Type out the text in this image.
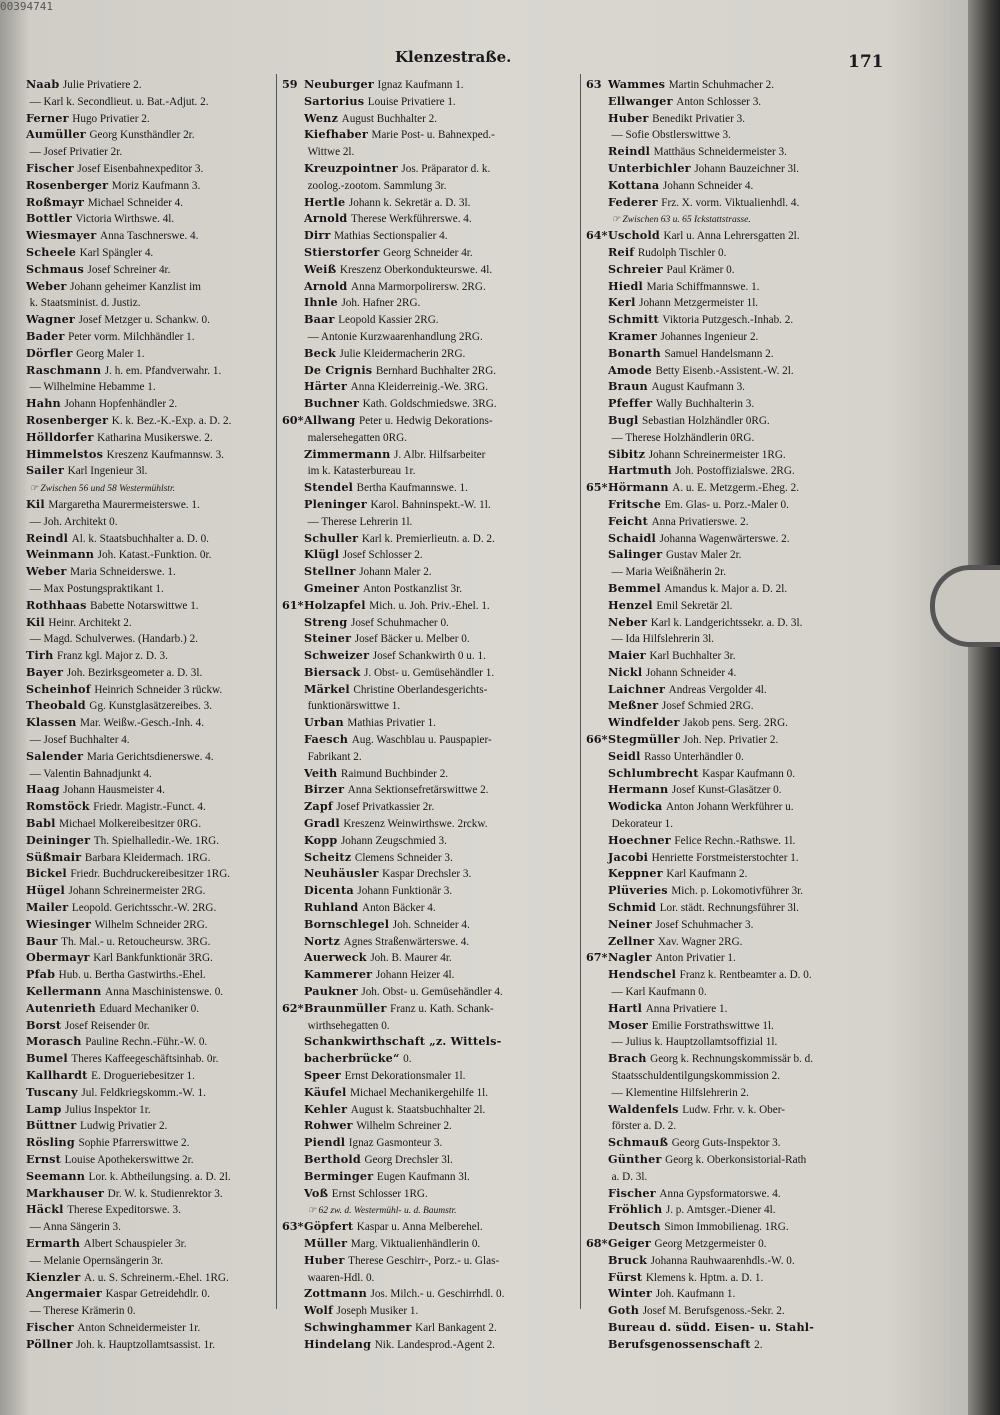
00394741
Klenzestraße.	171
Naab Julie Privatiere 2.
— Karl k. Secondlieut. u. Bat.-Adjut. 2.
Ferner Hugo Privatier 2.
Aumüller Georg Kunsthändler 2r.
— Josef Privatier 2r.
Fischer Josef Eisenbahnexpeditor 3.
Rosenberger Moriz Kaufmann 3.
Roßmayr Michael Schneider 4.
Bottler Victoria Wirthswe. 4l.
Wiesmayer Anna Taschnerswe. 4.
Scheele Karl Spängler 4.
Schmaus Josef Schreiner 4r.
Weber Johann geheimer Kanzlist im
k. Staatsminist. d. Justiz.
Wagner Josef Metzger u. Schankw. 0.
Bader Peter vorm. Milchhändler 1.
Dörfler Georg Maler 1.
Raschmann J. h. em. Pfandverwahr. 1.
— Wilhelmine Hebamme 1.
Hahn Johann Hopfenhändler 2.
Rosenberger K. k. Bez.-K.-Exp. a. D. 2.
Hölldorfer Katharina Musikerswe. 2.
Himmelstos Kreszenz Kaufmannsw. 3.
Sailer Karl Ingenieur 3l.
☞ Zwischen 56 und 58 Westermühlstr.
Kil Margaretha Maurermeisterswe. 1.
— Joh. Architekt 0.
Reindl Al. k. Staatsbuchhalter a. D. 0.
Weinmann Joh. Katast.-Funktion. 0r.
Weber Maria Schneiderswe. 1.
— Max Postungspraktikant 1.
Rothhaas Babette Notarswittwe 1.
Kil Heinr. Architekt 2.
— Magd. Schulverwes. (Handarb.) 2.
Tirh Franz kgl. Major z. D. 3.
Bayer Joh. Bezirksgeometer a. D. 3l.
Scheinhof Heinrich Schneider 3 rückw.
Theobald Gg. Kunstglasätzereibes. 3.
Klassen Mar. Weißw.-Gesch.-Inh. 4.
— Josef Buchhalter 4.
Salender Maria Gerichtsdienerswe. 4.
— Valentin Bahnadjunkt 4.
Haag Johann Hausmeister 4.
Romstöck Friedr. Magistr.-Funct. 4.
Babl Michael Molkereibesitzer 0RG.
Deininger Th. Spielhalledir.-We. 1RG.
Süßmair Barbara Kleidermach. 1RG.
Bickel Friedr. Buchdruckereibesitzer 1RG.
Hügel Johann Schreinermeister 2RG.
Mailer Leopold. Gerichtsschr.-W. 2RG.
Wiesinger Wilhelm Schneider 2RG.
Baur Th. Mal.- u. Retoucheursw. 3RG.
Obermayr Karl Bankfunktionär 3RG.
Pfab Hub. u. Bertha Gastwirths.-Ehel.
Kellermann Anna Maschinistenswe. 0.
Autenrieth Eduard Mechaniker 0.
Borst Josef Reisender 0r.
Morasch Pauline Rechn.-Führ.-W. 0.
Bumel Theres Kaffeegeschäftsinhab. 0r.
Kallhardt E. Drogueriebesitzer 1.
Tuscany Jul. Feldkriegskomm.-W. 1.
Lamp Julius Inspektor 1r.
Büttner Ludwig Privatier 2.
Rösling Sophie Pfarrerswittwe 2.
Ernst Louise Apothekerswittwe 2r.
Seemann Lor. k. Abtheilungsing. a. D. 2l.
Markhauser Dr. W. k. Studienrektor 3.
Häckl Therese Expeditorswe. 3.
— Anna Sängerin 3.
Ermarth Albert Schauspieler 3r.
— Melanie Opernsängerin 3r.
Kienzler A. u. S. Schreinerm.-Ehel. 1RG.
Angermaier Kaspar Getreidehdlr. 0.
— Therese Krämerin 0.
Fischer Anton Schneidermeister 1r.
Pöllner Joh. k. Hauptzollamtsassist. 1r.
59 Neuburger Ignaz Kaufmann 1.
Sartorius Louise Privatiere 1.
Wenz August Buchhalter 2.
Kiefhaber Marie Post- u. Bahnexped.-
Wittwe 2l.
Kreuzpointner Jos. Präparator d. k.
zoolog.-zootom. Sammlung 3r.
Hertle Johann k. Sekretär a. D. 3l.
Arnold Therese Werkführerswe. 4.
Dirr Mathias Sectionspalier 4.
Stierstorfer Georg Schneider 4r.
Weiß Kreszenz Oberkondukteurswe. 4l.
Arnold Anna Marmorpolirersw. 2RG.
Ihnle Joh. Hafner 2RG.
Baar Leopold Kassier 2RG.
— Antonie Kurzwaarenhandlung 2RG.
Beck Julie Kleidermacherin 2RG.
De Crignis Bernhard Buchhalter 2RG.
Härter Anna Kleiderreinig.-We. 3RG.
Buchner Kath. Goldschmiedswe. 3RG.
60*Allwang Peter u. Hedwig Dekorations-
malersehegatten 0RG.
Zimmermann J. Albr. Hilfsarbeiter
im k. Katasterbureau 1r.
Stendel Bertha Kaufmannswe. 1.
Pleninger Karol. Bahninspekt.-W. 1l.
— Therese Lehrerin 1l.
Schuller Karl k. Premierlieutn. a. D. 2.
Klügl Josef Schlosser 2.
Stellner Johann Maler 2.
Gmeiner Anton Postkanzlist 3r.
61*Holzapfel Mich. u. Joh. Priv.-Ehel. 1.
Streng Josef Schuhmacher 0.
Steiner Josef Bäcker u. Melber 0.
Schweizer Josef Schankwirth 0 u. 1.
Biersack J. Obst- u. Gemüsehändler 1.
Märkel Christine Oberlandesgerichts-
funktionärswittwe 1.
Urban Mathias Privatier 1.
Faesch Aug. Waschblau u. Pauspapier-
Fabrikant 2.
Veith Raimund Buchbinder 2.
Birzer Anna Sektionsefretärswittwe 2.
Zapf Josef Privatkassier 2r.
Gradl Kreszenz Weinwirthswe. 2rckw.
Kopp Johann Zeugschmied 3.
Scheitz Clemens Schneider 3.
Neuhäusler Kaspar Drechsler 3.
Dicenta Johann Funktionär 3.
Ruhland Anton Bäcker 4.
Bornschlegel Joh. Schneider 4.
Nortz Agnes Straßenwärterswe. 4.
Auerweck Joh. B. Maurer 4r.
Kammerer Johann Heizer 4l.
Paukner Joh. Obst- u. Gemüsehändler 4.
62*Braunmüller Franz u. Kath. Schank-
wirthsehegatten 0.
Schankwirthschaft „z. Wittels-
bacherbrücke“ 0.
Speer Ernst Dekorationsmaler 1l.
Käufel Michael Mechanikergehilfe 1l.
Kehler August k. Staatsbuchhalter 2l.
Rohwer Wilhelm Schreiner 2.
Piendl Ignaz Gasmonteur 3.
Berthold Georg Drechsler 3l.
Berminger Eugen Kaufmann 3l.
Voß Ernst Schlosser 1RG.
☞ 62 zw. d. Westermühl- u. d. Baumstr.
63*Göpfert Kaspar u. Anna Melberehel.
Müller Marg. Viktualienhändlerin 0.
Huber Therese Geschirr-, Porz.- u. Glas-
waaren-Hdl. 0.
Zottmann Jos. Milch.- u. Geschirrhdl. 0.
Wolf Joseph Musiker 1.
Schwinghammer Karl Bankagent 2.
Hindelang Nik. Landesprod.-Agent 2.
63 Wammes Martin Schuhmacher 2.
Ellwanger Anton Schlosser 3.
Huber Benedikt Privatier 3.
— Sofie Obstlerswittwe 3.
Reindl Matthäus Schneidermeister 3.
Unterbichler Johann Bauzeichner 3l.
Kottana Johann Schneider 4.
Federer Frz. X. vorm. Viktualienhdl. 4.
☞ Zwischen 63 u. 65 Ickstattstrasse.
64*Uschold Karl u. Anna Lehrersgatten 2l.
Reif Rudolph Tischler 0.
Schreier Paul Krämer 0.
Hiedl Maria Schiffmannswe. 1.
Kerl Johann Metzgermeister 1l.
Schmitt Viktoria Putzgesch.-Inhab. 2.
Kramer Johannes Ingenieur 2.
Bonarth Samuel Handelsmann 2.
Amode Betty Eisenb.-Assistent.-W. 2l.
Braun August Kaufmann 3.
Pfeffer Wally Buchhalterin 3.
Bugl Sebastian Holzhändler 0RG.
— Therese Holzhändlerin 0RG.
Sibitz Johann Schreinermeister 1RG.
Hartmuth Joh. Postoffizialswe. 2RG.
65*Hörmann A. u. E. Metzgerm.-Eheg. 2.
Fritsche Em. Glas- u. Porz.-Maler 0.
Feicht Anna Privatierswe. 2.
Schaidl Johanna Wagenwärterswe. 2.
Salinger Gustav Maler 2r.
— Maria Weißnäherin 2r.
Bemmel Amandus k. Major a. D. 2l.
Henzel Emil Sekretär 2l.
Neber Karl k. Landgerichtssekr. a. D. 3l.
— Ida Hilfslehrerin 3l.
Maier Karl Buchhalter 3r.
Nickl Johann Schneider 4.
Laichner Andreas Vergolder 4l.
Meßner Josef Schmied 2RG.
Windfelder Jakob pens. Serg. 2RG.
66*Stegmüller Joh. Nep. Privatier 2.
Seidl Rasso Unterhändler 0.
Schlumbrecht Kaspar Kaufmann 0.
Hermann Josef Kunst-Glasätzer 0.
Wodicka Anton Johann Werkführer u.
Dekorateur 1.
Hoechner Felice Rechn.-Rathswe. 1l.
Jacobi Henriette Forstmeisterstochter 1.
Keppner Karl Kaufmann 2.
Plüveries Mich. p. Lokomotivführer 3r.
Schmid Lor. städt. Rechnungsführer 3l.
Neiner Josef Schuhmacher 3.
Zellner Xav. Wagner 2RG.
67*Nagler Anton Privatier 1.
Hendschel Franz k. Rentbeamter a. D. 0.
— Karl Kaufmann 0.
Hartl Anna Privatiere 1.
Moser Emilie Forstrathswittwe 1l.
— Julius k. Hauptzollamtsoffizial 1l.
Brach Georg k. Rechnungskommissär b. d.
Staatsschuldentilgungskommission 2.
— Klementine Hilfslehrerin 2.
Waldenfels Ludw. Frhr. v. k. Ober-
förster a. D. 2.
Schmauß Georg Guts-Inspektor 3.
Günther Georg k. Oberkonsistorial-Rath
a. D. 3l.
Fischer Anna Gypsformatorswe. 4.
Fröhlich J. p. Amtsger.-Diener 4l.
Deutsch Simon Immobilienag. 1RG.
68*Geiger Georg Metzgermeister 0.
Bruck Johanna Rauhwaarenhdls.-W. 0.
Fürst Klemens k. Hptm. a. D. 1.
Winter Joh. Kaufmann 1.
Goth Josef M. Berufsgenoss.-Sekr. 2.
Bureau d. südd. Eisen- u. Stahl-
Berufsgenossenschaft 2.
